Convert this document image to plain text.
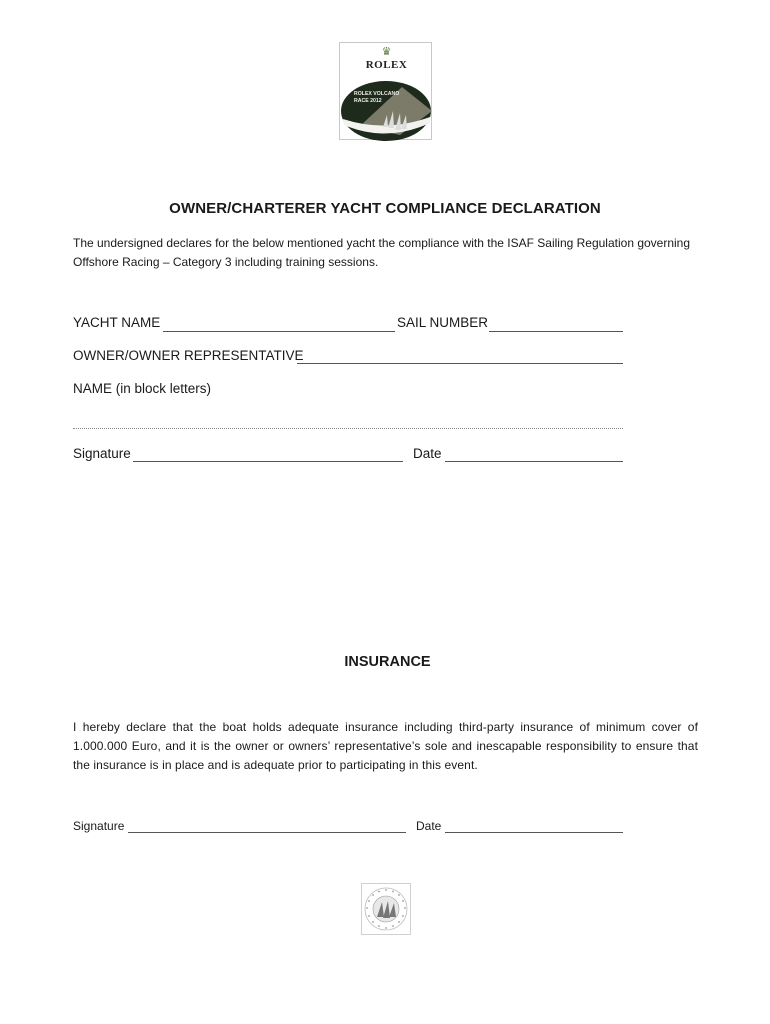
♛
ROLEX
ROLEX VOLCANO
RACE 2012
OWNER/CHARTERER YACHT COMPLIANCE DECLARATION
The undersigned declares for the below mentioned yacht the compliance with the ISAF Sailing Regulation governing Offshore Racing – Category 3 including training sessions.
YACHT NAME	SAIL NUMBER
OWNER/OWNER REPRESENTATIVE
NAME (in block letters)
Signature	Date
INSURANCE
I hereby declare that the boat holds adequate insurance including third-party insurance of minimum cover of 1.000.000 Euro, and it is the owner or owners’ representative’s sole and inescapable responsibility to ensure that the insurance is in place and is adequate prior to participating in this event.
Signature	Date
